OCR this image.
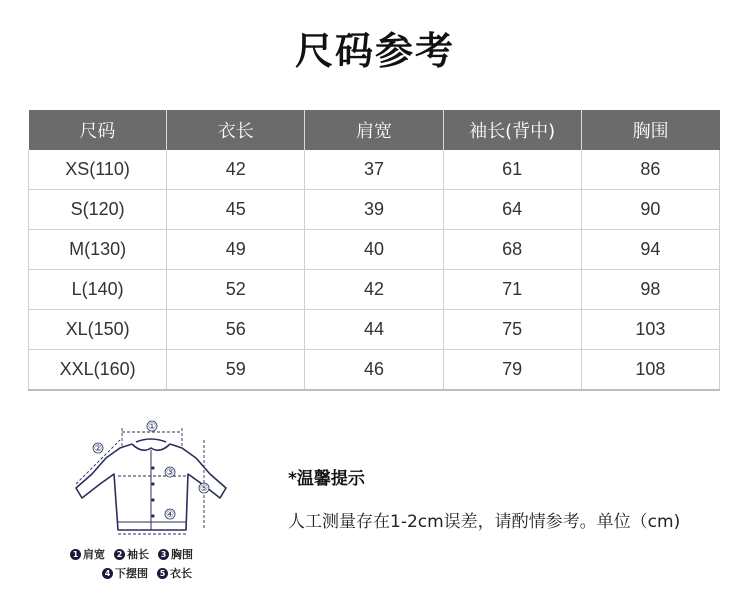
尺码参考
尺码	衣长	肩宽	袖长(背中)	胸围
XS(110)	42	37	61	86
S(120)	45	39	64	90
M(130)	49	40	68	94
L(140)	52	42	71	98
XL(150)	56	44	75	103
XXL(160)	59	46	79	108
①
②
③
④
⑤
1 肩宽	2 袖长	3 胸围
4 下摆围	5 衣长
*温馨提示
人工测量存在1-2cm误差，请酌情参考。单位（cm)
